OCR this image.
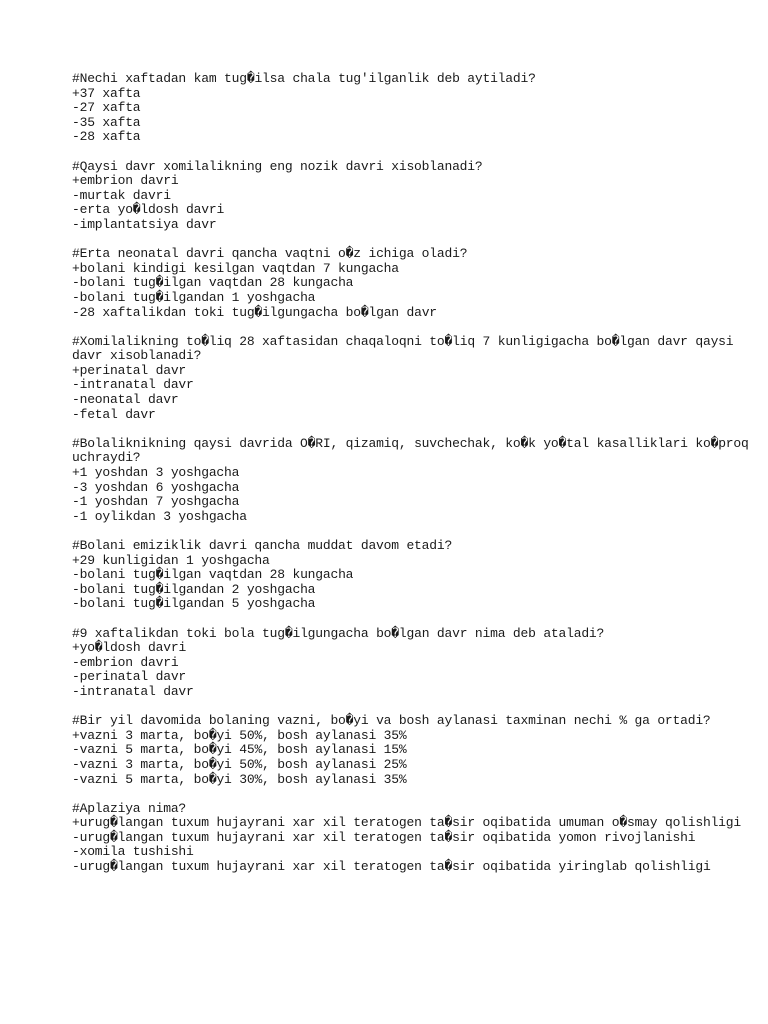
#Nechi xaftadan kam tug�ilsa chala tug'ilganlik deb aytiladi?
+37 xafta
-27 xafta
-35 xafta
-28 xafta
#Qaysi davr xomilalikning eng nozik davri xisoblanadi?
+embrion davri
-murtak davri
-erta yo�ldosh davri
-implantatsiya davr
#Erta neonatal davri qancha vaqtni o�z ichiga oladi?
+bolani kindigi kesilgan vaqtdan 7 kungacha
-bolani tug�ilgan vaqtdan 28 kungacha
-bolani tug�ilgandan 1 yoshgacha
-28 xaftalikdan toki tug�ilgungacha bo�lgan davr
#Xomilalikning to�liq 28 xaftasidan chaqaloqni to�liq 7 kunligigacha bo�lgan davr qaysi davr xisoblanadi?
+perinatal davr
-intranatal davr
-neonatal davr
-fetal davr
#Bolaliknikning qaysi davrida O�RI, qizamiq, suvchechak, ko�k yo�tal kasalliklari ko�proq uchraydi?
+1 yoshdan 3 yoshgacha
-3 yoshdan 6 yoshgacha
-1 yoshdan 7 yoshgacha
-1 oylikdan 3 yoshgacha
#Bolani emiziklik davri qancha muddat davom etadi?
+29 kunligidan 1 yoshgacha
-bolani tug�ilgan vaqtdan 28 kungacha
-bolani tug�ilgandan 2 yoshgacha
-bolani tug�ilgandan 5 yoshgacha
#9 xaftalikdan toki bola tug�ilgungacha bo�lgan davr nima deb ataladi?
+yo�ldosh davri
-embrion davri
-perinatal davr
-intranatal davr
#Bir yil davomida bolaning vazni, bo�yi va bosh aylanasi taxminan nechi % ga ortadi?
+vazni 3 marta, bo�yi 50%, bosh aylanasi 35%
-vazni 5 marta, bo�yi 45%, bosh aylanasi 15%
-vazni 3 marta, bo�yi 50%, bosh aylanasi 25%
-vazni 5 marta, bo�yi 30%, bosh aylanasi 35%
#Aplaziya nima?
+urug�langan tuxum hujayrani xar xil teratogen ta�sir oqibatida umuman o�smay qolishligi
-urug�langan tuxum hujayrani xar xil teratogen ta�sir oqibatida yomon rivojlanishi
-xomila tushishi
-urug�langan tuxum hujayrani xar xil teratogen ta�sir oqibatida yiringlab qolishligi
